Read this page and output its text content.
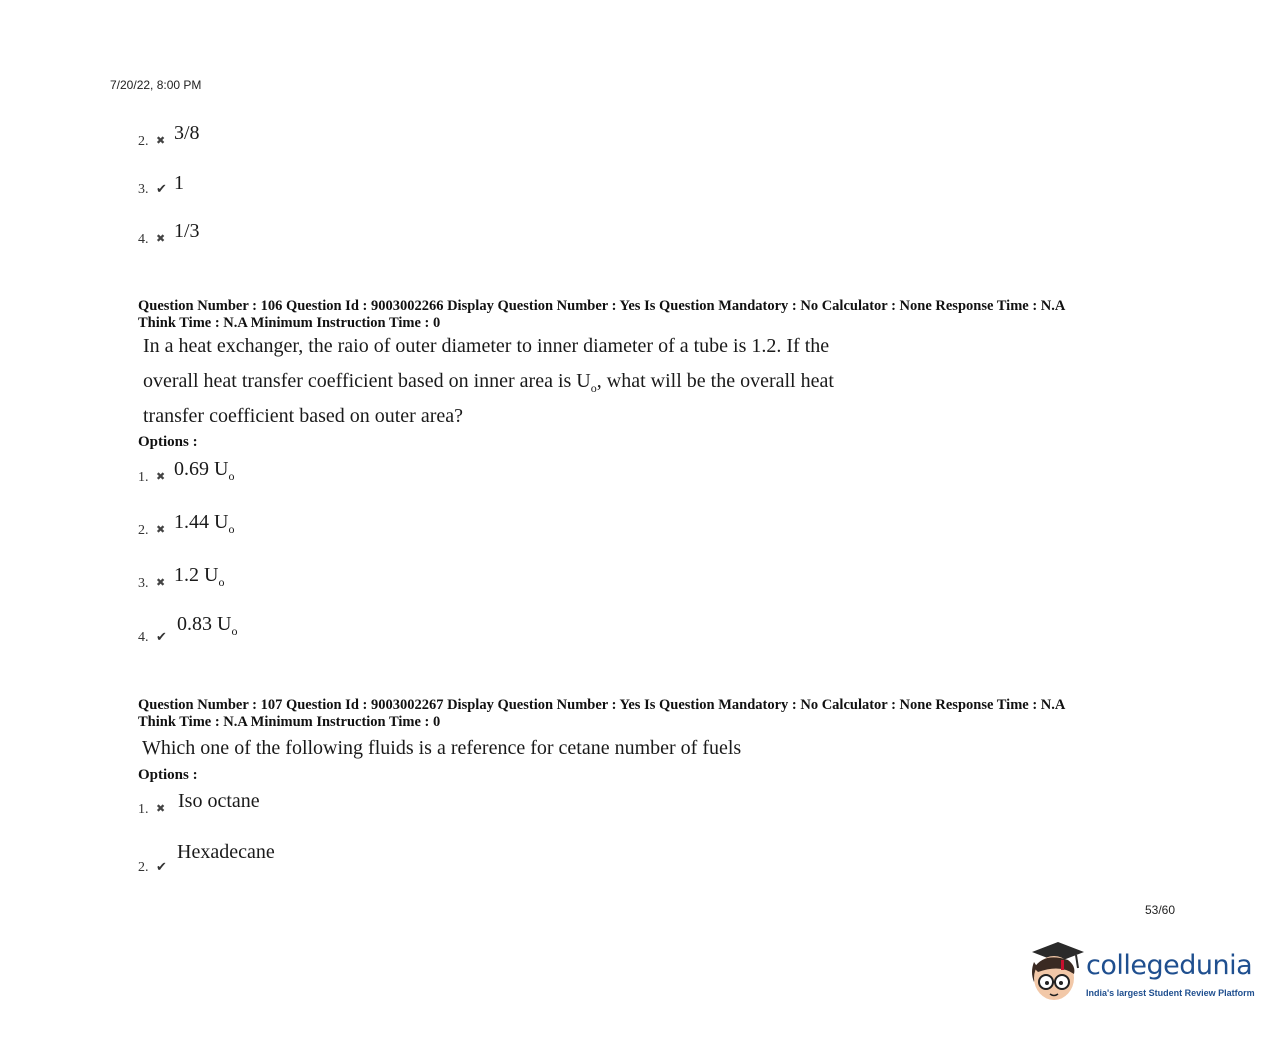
7/20/22, 8:00 PM
2. ✖ 3/8
3. ✔ 1
4. ✖ 1/3
Question Number : 106 Question Id : 9003002266 Display Question Number : Yes Is Question Mandatory : No Calculator : None Response Time : N.A
Think Time : N.A Minimum Instruction Time : 0
In a heat exchanger, the raio of outer diameter to inner diameter of a tube is 1.2. If the
overall heat transfer coefficient based on inner area is $U_o$, what will be the overall heat
transfer coefficient based on outer area?
Options :
1. ✖ 0.69 $U_o$
2. ✖ 1.44 $U_o$
3. ✖ 1.2 $U_o$
4. ✔
0.83 $U_o$
Question Number : 107 Question Id : 9003002267 Display Question Number : Yes Is Question Mandatory : No Calculator : None Response Time : N.A
Think Time : N.A Minimum Instruction Time : 0
Which one of the following fluids is a reference for cetane number of fuels
Options :
1. ✖ Iso octane
2. ✔
Hexadecane
53/60
collegedunia
India's largest Student Review Platform
